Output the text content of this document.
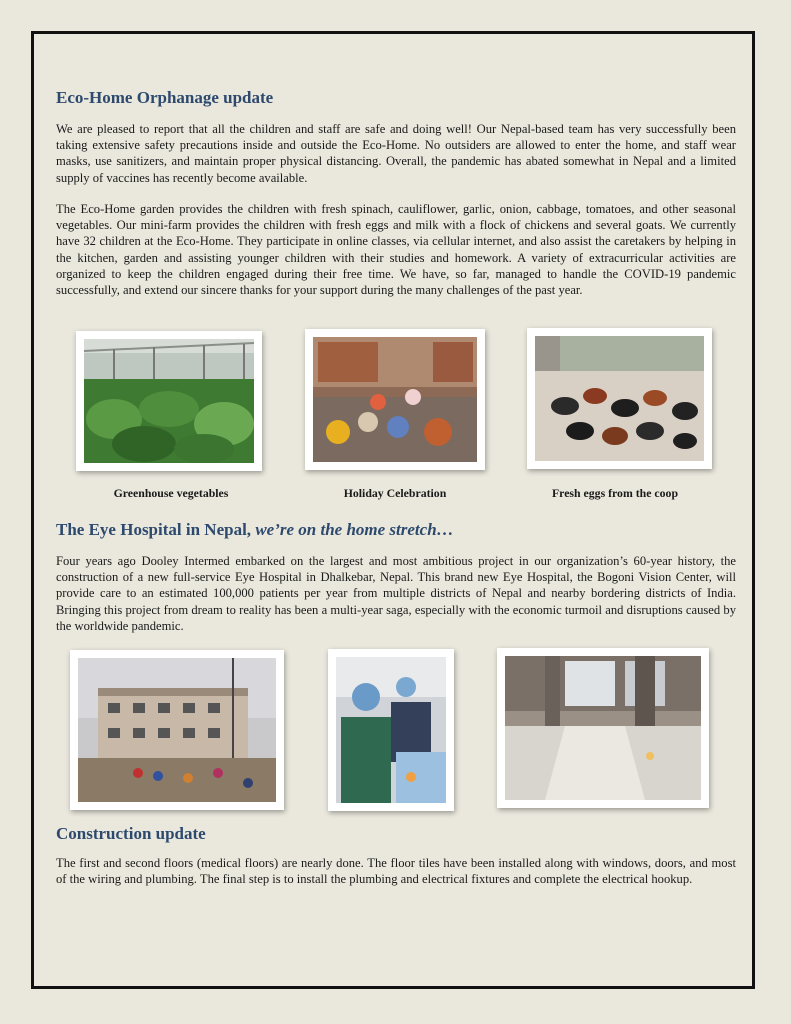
Eco-Home Orphanage update

We are pleased to report that all the children and staff are safe and doing well! Our Nepal-based team has very successfully been taking extensive safety precautions inside and outside the Eco-Home. No outsiders are allowed to enter the home, and staff wear masks, use sanitizers, and maintain proper physical distancing. Overall, the pandemic has abated somewhat in Nepal and a limited supply of vaccines has recently become available.

The Eco-Home garden provides the children with fresh spinach, cauliflower, garlic, onion, cabbage, tomatoes, and other seasonal vegetables. Our mini-farm provides the children with fresh eggs and milk with a flock of chickens and several goats. We currently have 32 children at the Eco-Home. They participate in online classes, via cellular internet, and also assist the caretakers by helping in the kitchen, garden and assisting younger children with their studies and homework. A variety of extracurricular activities are organized to keep the children engaged during their free time. We have, so far, managed to handle the COVID-19 pandemic successfully, and extend our sincere thanks for your support during the many challenges of the past year.

Greenhouse vegetables	Holiday Celebration	Fresh eggs from the coop
The Eye Hospital in Nepal, we’re on the home stretch…

Four years ago Dooley Intermed embarked on the largest and most ambitious project in our organization’s 60-year history, the construction of a new full-service Eye Hospital in Dhalkebar, Nepal. This brand new Eye Hospital, the Bogoni Vision Center, will provide care to an estimated 100,000 patients per year from multiple districts of Nepal and nearby bordering districts of India. Bringing this project from dream to reality has been a multi-year saga, especially with the economic turmoil and disruptions caused by the worldwide pandemic.

Construction update

The first and second floors (medical floors) are nearly done. The floor tiles have been installed along with windows, doors, and most of the wiring and plumbing. The final step is to install the plumbing and electrical fixtures and complete the electrical hookup.
